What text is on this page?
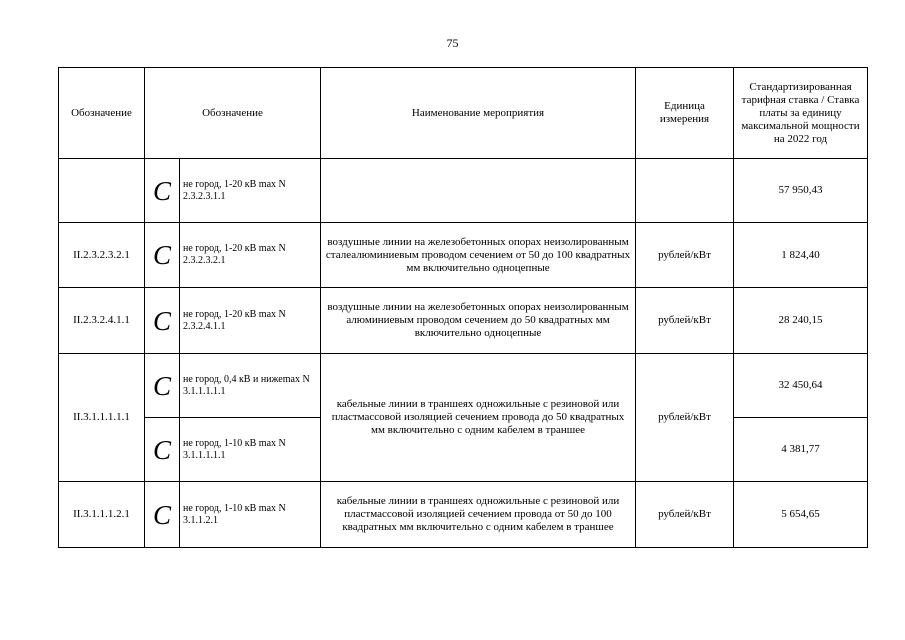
75
Обозначение	Обозначение		Наименование мероприятия	Единица измерения	Стандартизированная тарифная ставка / Ставка платы за единицу максимальной мощности на 2022 год
	C	не город, 1-20 кВ max N 2.3.2.3.1.1			57 950,43
II.2.3.2.3.2.1	C	не город, 1-20 кВ max N 2.3.2.3.2.1	воздушные линии на железобетонных опорах неизолированным сталеалюминиевым проводом сечением от 50 до 100 квадратных мм включительно одноцепные	рублей/кВт	1 824,40
II.2.3.2.4.1.1	C	не город, 1-20 кВ max N 2.3.2.4.1.1	воздушные линии на железобетонных опорах неизолированным алюминиевым проводом сечением до 50 квадратных мм включительно одноцепные	рублей/кВт	28 240,15
II.3.1.1.1.1.1	C	не город, 0,4 кВ и нижеmax N 3.1.1.1.1.1	кабельные линии в траншеях одножильные с резиновой или пластмассовой изоляцией сечением провода до 50 квадратных мм включительно с одним кабелем в траншее	рублей/кВт	32 450,64
	C	не город, 1-10 кВ max N 3.1.1.1.1.1			4 381,77
II.3.1.1.1.2.1	C	не город, 1-10 кВ max N 3.1.1.2.1	кабельные линии в траншеях одножильные с резиновой или пластмассовой изоляцией сечением провода от 50 до 100 квадратных мм включительно с одним кабелем в траншее	рублей/кВт	5 654,65
